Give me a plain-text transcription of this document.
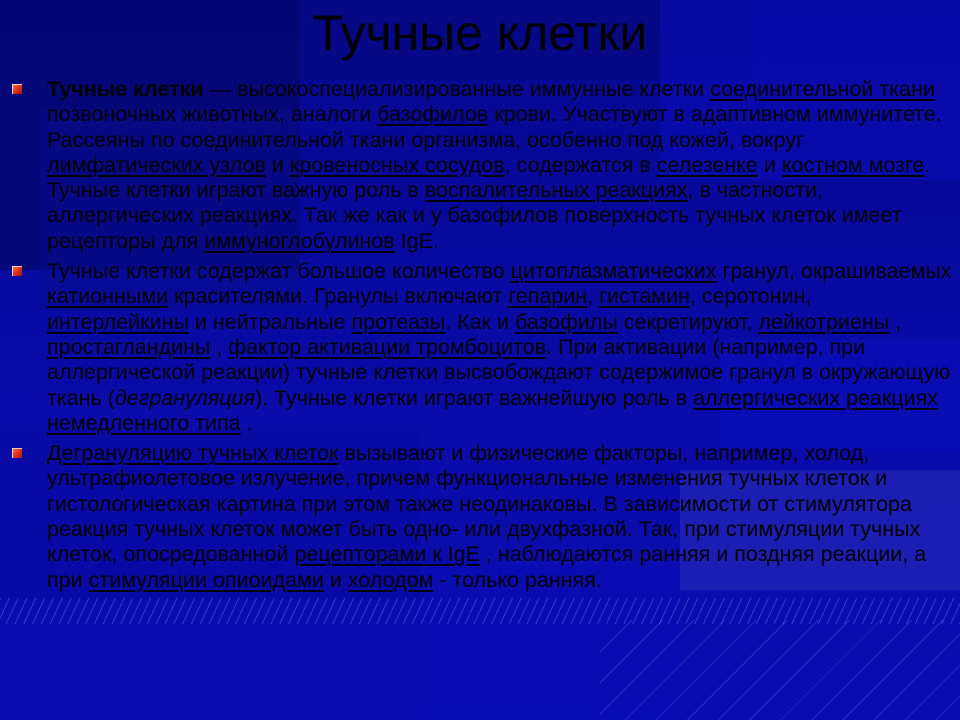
Тучные клетки

Тучные клетки — высокоспециализированные иммунные клетки соединительной ткани позвоночных животных, аналоги базофилов крови. Участвуют в адаптивном иммунитете. Рассеяны по соединительной ткани организма, особенно под кожей, вокруг лимфатических узлов и кровеносных сосудов, содержатся в селезенке и костном мозге. Тучные клетки играют важную роль в воспалительных реакциях, в частности, аллергических реакциях. Так же как и у базофилов поверхность тучных клеток имеет рецепторы для иммуноглобулинов IgE.

Тучные клетки содержат большое количество цитоплазматических гранул, окрашиваемых катионными красителями. Гранулы включают гепарин, гистамин, серотонин, интерлейкины и нейтральные протеазы. Как и базофилы секретируют, лейкотриены , простагландины , фактор активации тромбоцитов. При активации (например, при аллергической реакции) тучные клетки высвобождают содержимое гранул в окружающую ткань (дегрануляция). Тучные клетки играют важнейшую роль в аллергических реакциях немедленного типа .

Дегрануляцию тучных клеток вызывают и физические факторы, например, холод, ультрафиолетовое излучение, причем функциональные изменения тучных клеток и гистологическая картина при этом также неодинаковы. В зависимости от стимулятора реакция тучных клеток может быть одно- или двухфазной. Так, при стимуляции тучных клеток, опосредованной рецепторами к IgE , наблюдаются ранняя и поздняя реакции, а при стимуляции опиоидами и холодом - только ранняя.
